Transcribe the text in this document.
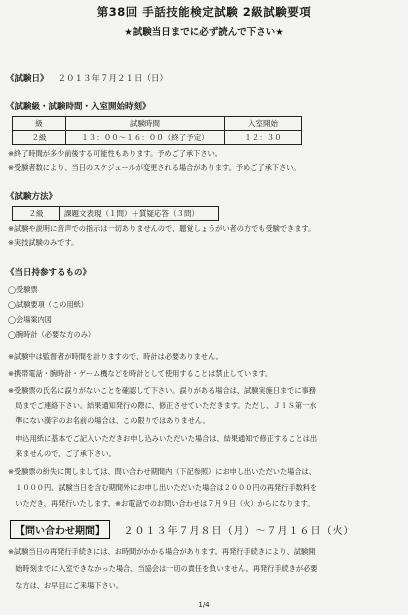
第38回 手話技能検定試験 2級試験要項
★試験当日までに必ず読んで下さい★
《試験日》 ２０１３年７月２１日（日）
《試験級・試験時間・入室開始時刻》
級	試験時間	入室開始
２級	１３：００〜１６：００（終了予定）	１２：３０
※終了時間が多少前後する可能性もあります。予めご了承下さい。
※受験者数により、当日のスケジュールが変更される場合があります。予めご了承下さい。
《試験方法》
２級	課題文表現（１問）＋質疑応答（３問）
※試験や説明に音声での指示は一切ありませんので、聴覚しょうがい者の方でも受験できます。
※実技試験のみです。
《当日持参するもの》
◯受験票
◯試験要項（この用紙）
◯会場案内図
◯腕時計（必要な方のみ）
※試験中は監督者が時間を計りますので、時計は必要ありません。
※携帯電話・腕時計・ゲーム機などを時計として使用することは禁止しています。
※受験票の氏名に誤りがないことを確認して下さい。誤りがある場合は、試験実施日までに事務
　局までご連絡下さい。結果通知発行の際に、修正させていただきます。ただし、ＪＩＳ第一水
　準にない漢字のお名前の場合は、この限りではありません。
　申込用紙に基本でご記入いただきお申し込みいただいた場合は、結果通知で修正することは出
　来ませんので、ご了承下さい。
※受験票の紛失に関しましては、問い合わせ期間内（下記参照）にお申し出いただいた場合は、
　１０００円、試験当日を含む期間外にお申し出いただいた場合は２０００円の再発行手数料を
　いただき、再発行いたします。※お電話でのお問い合わせは７月９日（火）からになります。
【問い合わせ期間】 ２０１３年７月８日（月）〜７月１６日（火）
※試験当日の再発行手続きには、お時間がかかる場合があります。再発行手続きにより、試験開
　始時刻までに入室できなかった場合、当協会は一切の責任を負いません。再発行手続きが必要
　な方は、お早目にご来場下さい。
1/4
